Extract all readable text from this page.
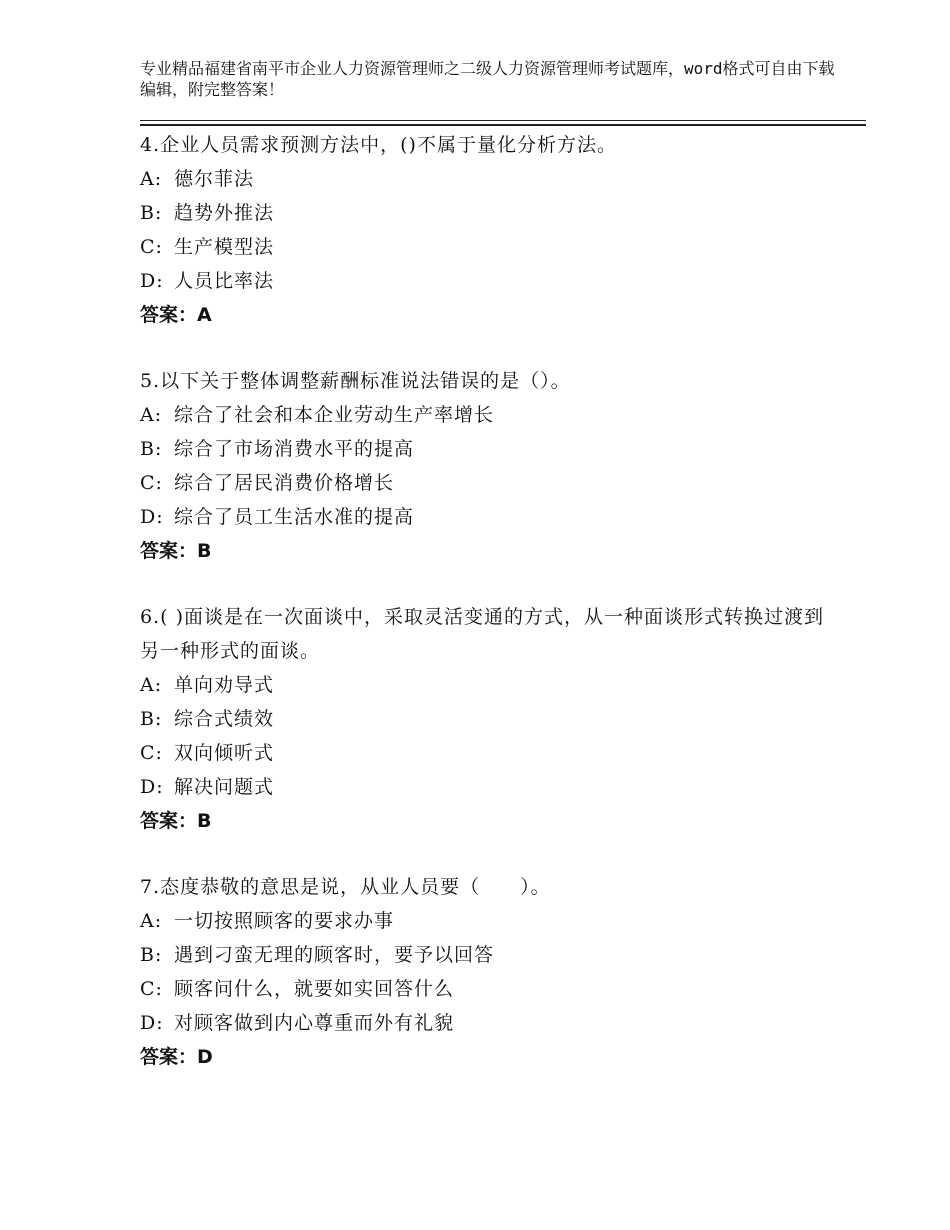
专业精品福建省南平市企业人力资源管理师之二级人力资源管理师考试题库，word格式可自由下载编辑，附完整答案！
4.企业人员需求预测方法中，()不属于量化分析方法。
A: 德尔菲法
B: 趋势外推法
C: 生产模型法
D: 人员比率法
答案：A
5.以下关于整体调整薪酬标准说法错误的是（）。
A: 综合了社会和本企业劳动生产率增长
B: 综合了市场消费水平的提高
C: 综合了居民消费价格增长
D: 综合了员工生活水准的提高
答案：B
6.( )面谈是在一次面谈中，采取灵活变通的方式，从一种面谈形式转换过渡到另一种形式的面谈。
A: 单向劝导式
B: 综合式绩效
C: 双向倾听式
D: 解决问题式
答案：B
7.态度恭敬的意思是说，从业人员要（　　）。
A: 一切按照顾客的要求办事
B: 遇到刁蛮无理的顾客时，要予以回答
C: 顾客问什么，就要如实回答什么
D: 对顾客做到内心尊重而外有礼貌
答案：D
